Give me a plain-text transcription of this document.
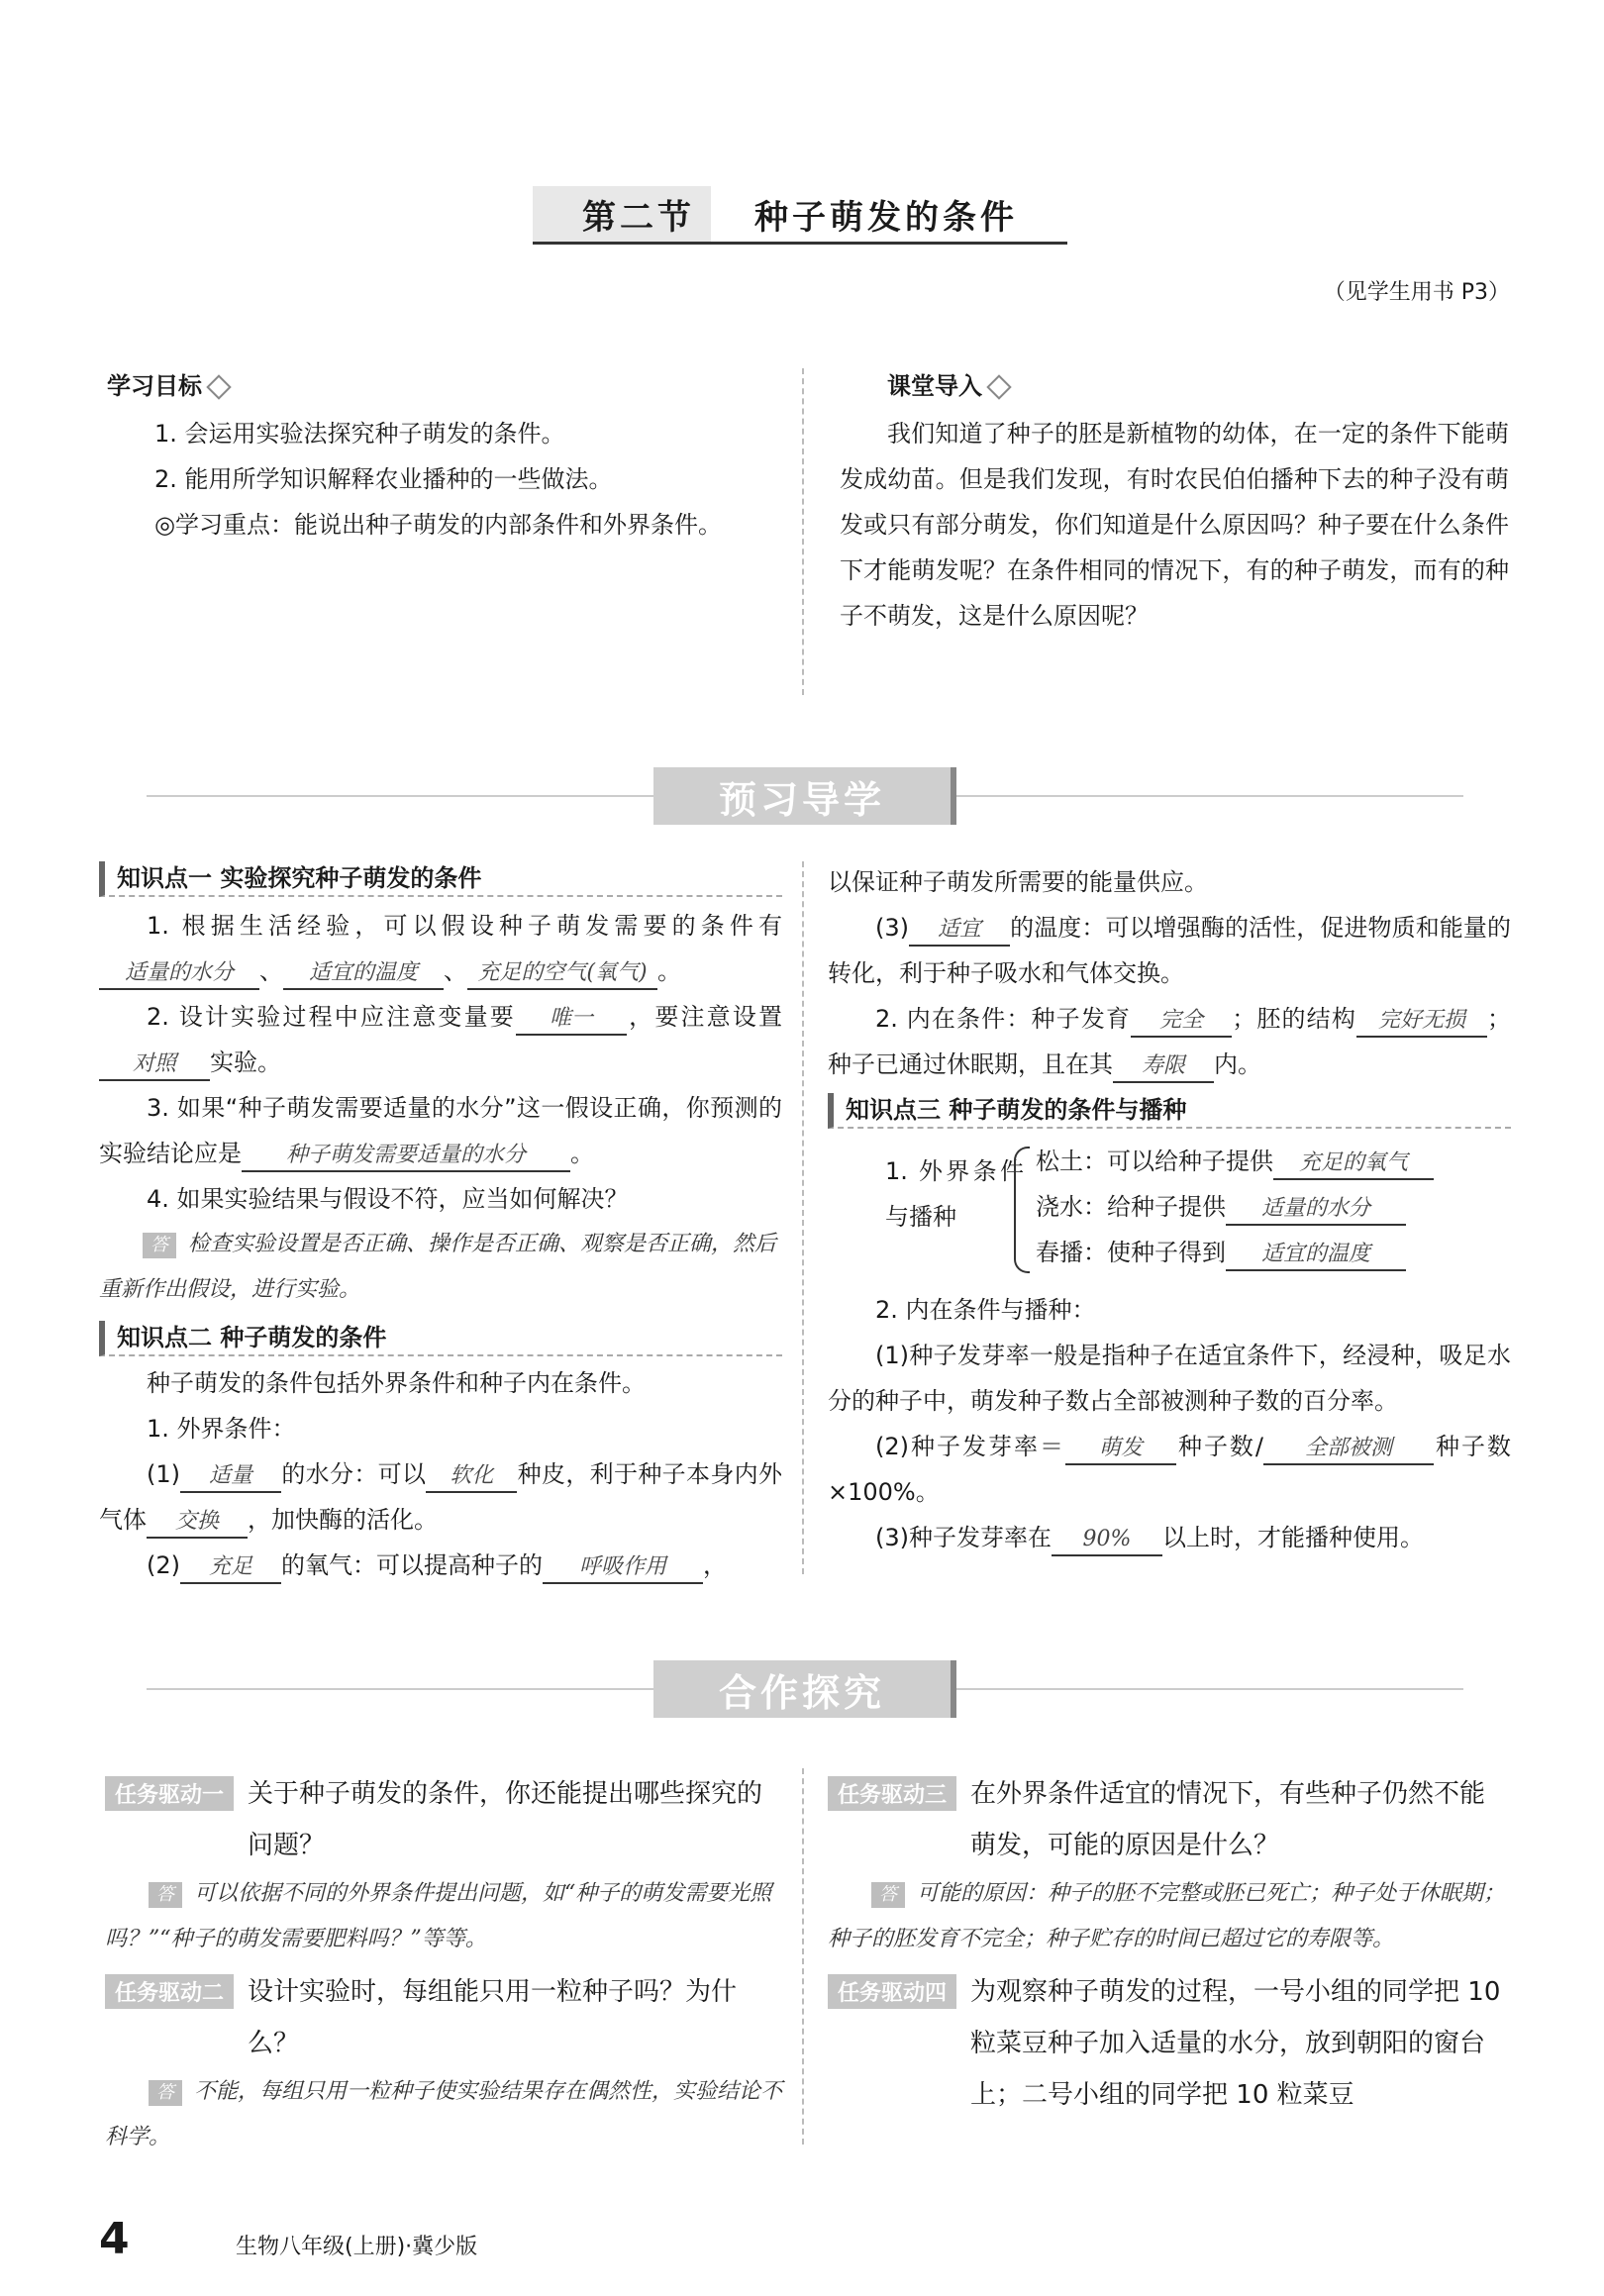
第二节 种子萌发的条件
（见学生用书 P3）
学习目标
1. 会运用实验法探究种子萌发的条件。
2. 能用所学知识解释农业播种的一些做法。
◎学习重点：能说出种子萌发的内部条件和外界条件。
课堂导入
我们知道了种子的胚是新植物的幼体，在一定的条件下能萌发成幼苗。但是我们发现，有时农民伯伯播种下去的种子没有萌发或只有部分萌发，你们知道是什么原因吗？种子要在什么条件下才能萌发呢？在条件相同的情况下，有的种子萌发，而有的种子不萌发，这是什么原因呢？
预习导学
知识点一 实验探究种子萌发的条件
1. 根据生活经验，可以假设种子萌发需要的条件有适量的水分 、 适宜的温度 、 充足的空气(氧气) 。
2. 设计实验过程中应注意变量要 唯一 ，要注意设置对照 实验。
3. 如果“种子萌发需要适量的水分”这一假设正确，你预测的实验结论应是 种子萌发需要适量的水分 。
4. 如果实验结果与假设不符，应当如何解决？
答 检查实验设置是否正确、操作是否正确、观察是否正确，然后重新作出假设，进行实验。
知识点二 种子萌发的条件
种子萌发的条件包括外界条件和种子内在条件。
1. 外界条件：
(1) 适量 的水分：可以 软化 种皮，利于种子本身内外气体 交换 ，加快酶的活化。
(2) 充足 的氧气：可以提高种子的 呼吸作用 ，
以保证种子萌发所需要的能量供应。
(3) 适宜 的温度：可以增强酶的活性，促进物质和能量的转化，利于种子吸水和气体交换。
2. 内在条件：种子发育 完全 ；胚的结构 完好无损 ；种子已通过休眠期，且在其 寿限 内。
知识点三 种子萌发的条件与播种
1. 外界条件与播种
松土：可以给种子提供 充足的氧气
浇水：给种子提供 适量的水分
春播：使种子得到 适宜的温度
2. 内在条件与播种：
(1)种子发芽率一般是指种子在适宜条件下，经浸种，吸足水分的种子中，萌发种子数占全部被测种子数的百分率。
(2)种子发芽率＝ 萌发 种子数/ 全部被测 种子数×100%。
(3)种子发芽率在 90% 以上时，才能播种使用。
合作探究
任务驱动一 关于种子萌发的条件，你还能提出哪些探究的问题？
答 可以依据不同的外界条件提出问题，如“种子的萌发需要光照吗？”“种子的萌发需要肥料吗？”等等。
任务驱动二 设计实验时，每组能只用一粒种子吗？为什么？
答 不能，每组只用一粒种子使实验结果存在偶然性，实验结论不科学。
任务驱动三 在外界条件适宜的情况下，有些种子仍然不能萌发，可能的原因是什么？
答 可能的原因：种子的胚不完整或胚已死亡；种子处于休眠期；种子的胚发育不完全；种子贮存的时间已超过它的寿限等。
任务驱动四 为观察种子萌发的过程，一号小组的同学把 10 粒菜豆种子加入适量的水分，放到朝阳的窗台上；二号小组的同学把 10 粒菜豆
4	生物八年级(上册)·冀少版
